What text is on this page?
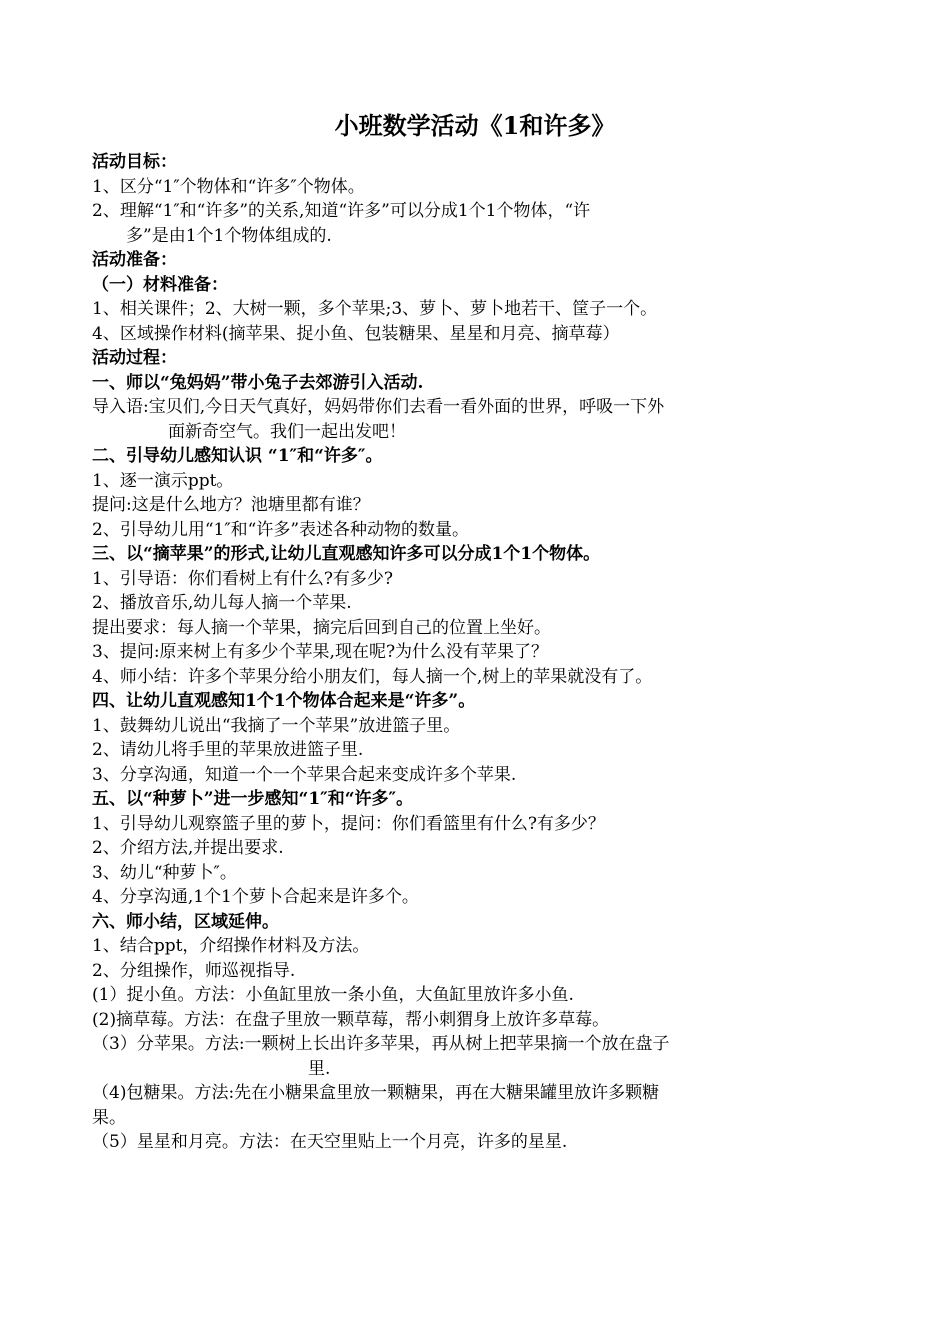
小班数学活动《1和许多》
活动目标：
1、区分“1″个物体和“许多″个物体。
2、理解“1″和“许多”的关系,知道“许多”可以分成1个1个物体，“许
多”是由1个1个物体组成的.
活动准备：
（一）材料准备：
1、相关课件；2、大树一颗，多个苹果;3、萝卜、萝卜地若干、筐子一个。
4、区域操作材料(摘苹果、捉小鱼、包装糖果、星星和月亮、摘草莓）
活动过程：
一、师以“兔妈妈”带小兔子去郊游引入活动.
导入语:宝贝们,今日天气真好，妈妈带你们去看一看外面的世界，呼吸一下外
面新奇空气。我们一起出发吧！
二、引导幼儿感知认识 “1″和“许多″。
1、逐一演示ppt。
提问:这是什么地方？池塘里都有谁？
2、引导幼儿用“1″和“许多”表述各种动物的数量。
三、以“摘苹果”的形式,让幼儿直观感知许多可以分成1个1个物体。
1、引导语：你们看树上有什么?有多少?
2、播放音乐,幼儿每人摘一个苹果.
提出要求：每人摘一个苹果，摘完后回到自己的位置上坐好。
3、提问:原来树上有多少个苹果,现在呢?为什么没有苹果了？
4、师小结：许多个苹果分给小朋友们，每人摘一个,树上的苹果就没有了。
四、让幼儿直观感知1个1个物体合起来是“许多”。
1、鼓舞幼儿说出“我摘了一个苹果”放进篮子里。
2、请幼儿将手里的苹果放进篮子里.
3、分享沟通，知道一个一个苹果合起来变成许多个苹果.
五、以“种萝卜”进一步感知“1″和“许多″。
1、引导幼儿观察篮子里的萝卜，提问：你们看篮里有什么?有多少？
2、介绍方法,并提出要求.
3、幼儿“种萝卜″。
4、分享沟通,1个1个萝卜合起来是许多个。
六、师小结，区域延伸。
1、结合ppt，介绍操作材料及方法。
2、分组操作，师巡视指导.
(1）捉小鱼。方法：小鱼缸里放一条小鱼，大鱼缸里放许多小鱼.
(2)摘草莓。方法：在盘子里放一颗草莓，帮小刺猬身上放许多草莓。
（3）分苹果。方法:一颗树上长出许多苹果，再从树上把苹果摘一个放在盘子
里.
（4)包糖果。方法:先在小糖果盒里放一颗糖果，再在大糖果罐里放许多颗糖
果。
（5）星星和月亮。方法：在天空里贴上一个月亮，许多的星星.
